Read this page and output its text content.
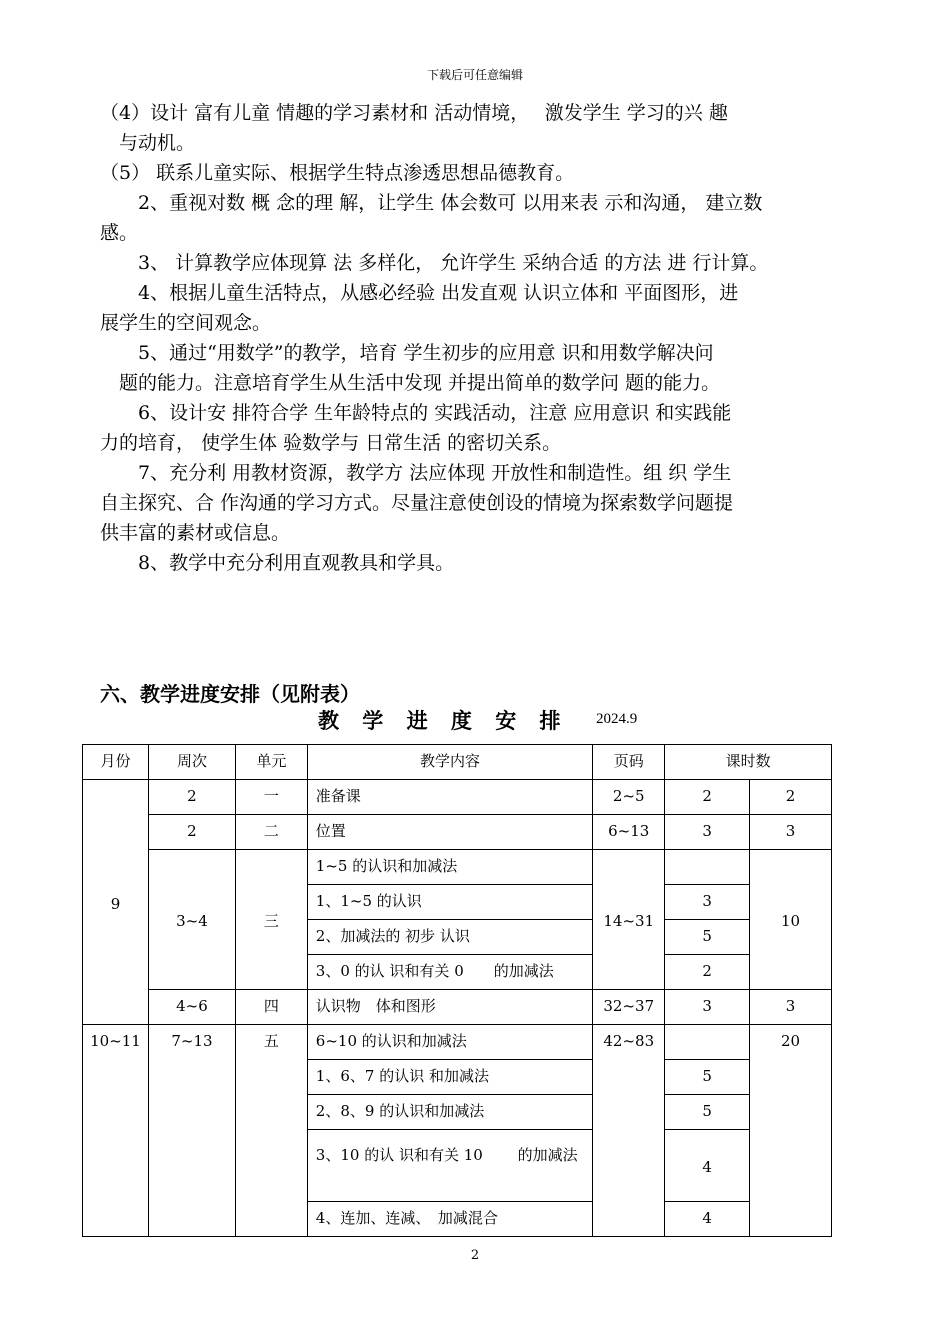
下载后可任意编辑
（4）设计 富有儿童 情趣的学习素材和 活动情境，　 激发学生 学习的兴 趣
　与动机。
（5） 联系儿童实际、根据学生特点渗透思想品德教育。
　　2、重视对数 概 念的理 解，让学生 体会数可 以用来表 示和沟通， 建立数
感。
　　3、 计算教学应体现算 法 多样化， 允许学生 采纳合适 的方法 进 行计算。
　　4、根据儿童生活特点，从感必经验 出发直观 认识立体和 平面图形，进
展学生的空间观念。
　　5、通过“用数学”的教学，培育 学生初步的应用意 识和用数学解决问
　题的能力。注意培育学生从生活中发现 并提出简单的数学问 题的能力。
　　6、设计安 排符合学 生年龄特点的 实践活动，注意 应用意识 和实践能
力的培育， 使学生体 验数学与 日常生活 的密切关系。
　　7、充分利 用教材资源，教学方 法应体现 开放性和制造性。组 织 学生
自主探究、合 作沟通的学习方式。尽量注意使创设的情境为探索数学问题提
供丰富的素材或信息。
　　8、教学中充分利用直观教具和学具。
六、教学进度安排（见附表）
教 学 进 度 安 排 2024.9
月份	周次	单元	教学内容	页码	课时数	
9	2	一	准备课	2~5	2	2
	2	二	位置	6~13	3	3
	3~4	三	1~5 的认识和加减法	14~31		10
			1、1~5 的认识		3	
			2、加减法的 初步 认识		5	
			3、0 的认 识和有关 0　　的加减法		2	
	4~6	四	认识物　体和图形	32~37	3	3
10~11	7~13	五	6~10 的认识和加减法	42~83		20
			1、6、7 的认识 和加减法		5	
			2、8、9 的认识和加减法		5	
			3、10 的认 识和有关 10　　 的加减法		4	
			4、连加、连减、　加减混合		4	
2
